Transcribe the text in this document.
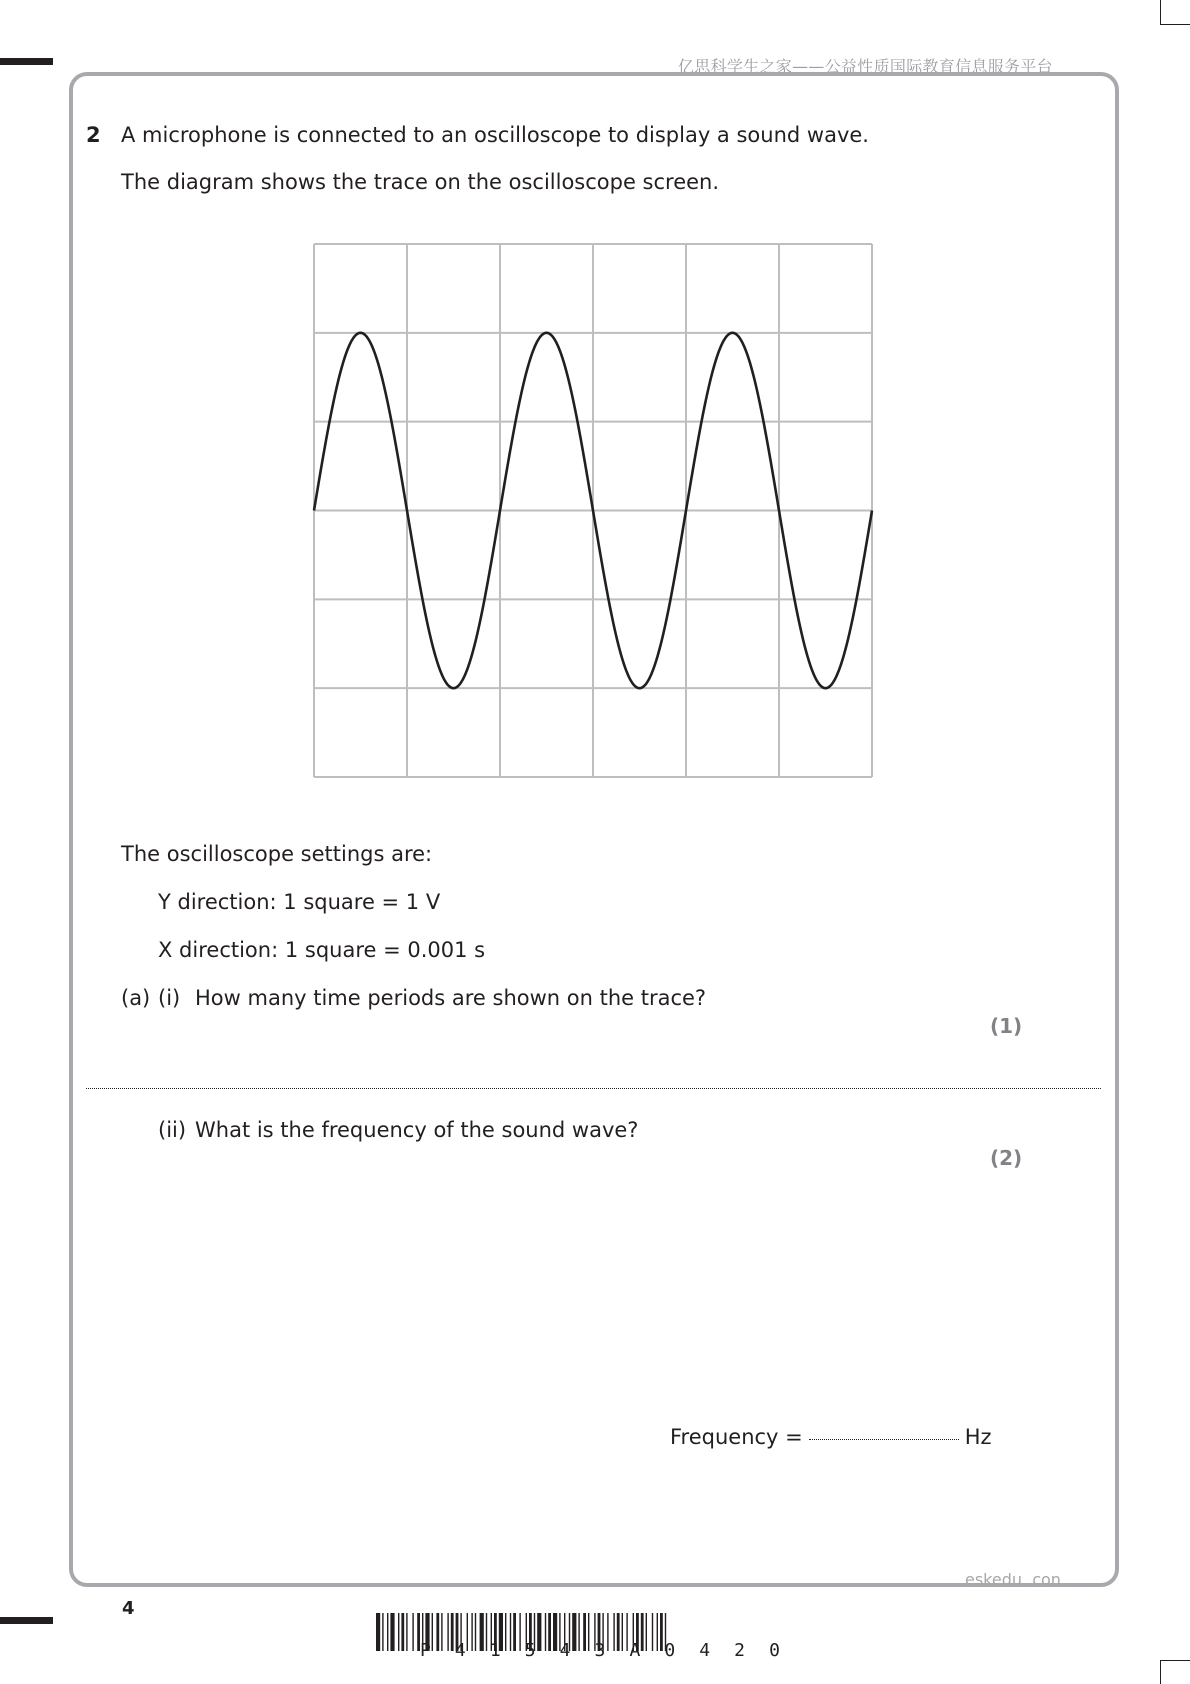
亿思科学生之家——公益性质国际教育信息服务平台
2 A microphone is connected to an oscilloscope to display a sound wave.
The diagram shows the trace on the oscilloscope screen.
The oscilloscope settings are:
Y direction: 1 square = 1 V
X direction: 1 square = 0.001 s
(a) (i) How many time periods are shown on the trace?
(1)
(ii) What is the frequency of the sound wave?
(2)
Frequency =	Hz
eskedu. con
4
P 4 1 5 4 3 A 0 4 2 0
